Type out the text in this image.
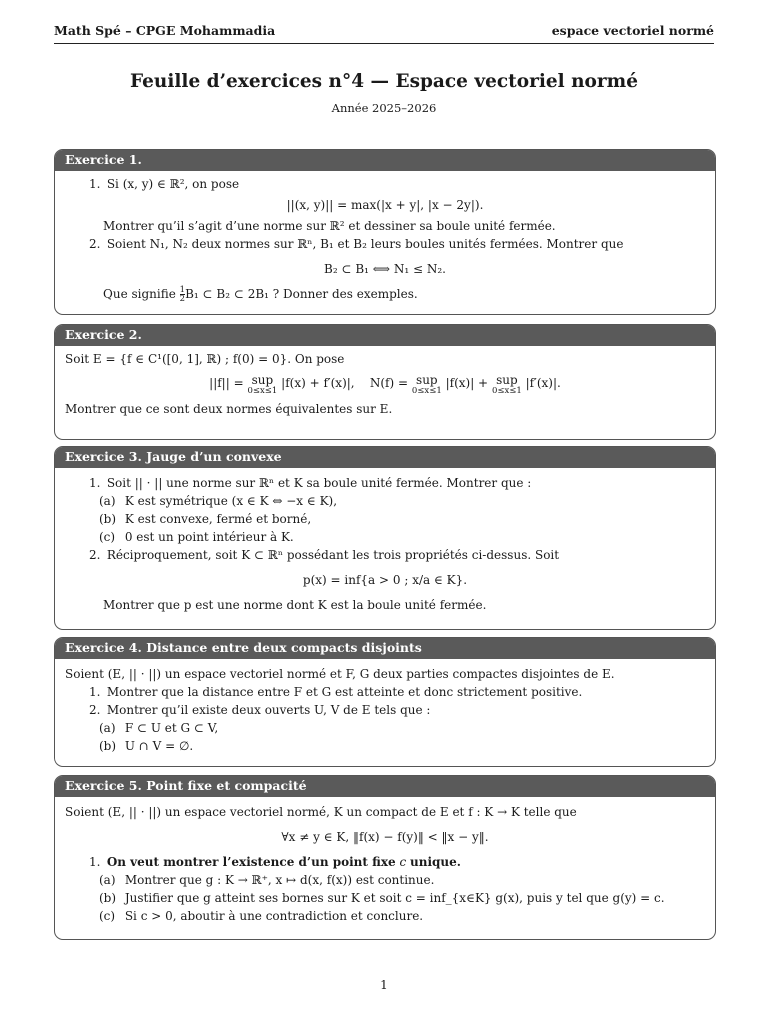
Math Spé – CPGE Mohammadia	espace vectoriel normé
Feuille d’exercices n°4 — Espace vectoriel normé
Année 2025–2026
Exercice 1.
1. Si (x, y) ∈ ℝ², on pose
||(x, y)|| = max(|x + y|, |x − 2y|).
Montrer qu’il s’agit d’une norme sur ℝ² et dessiner sa boule unité fermée.
2. Soient N₁, N₂ deux normes sur ℝⁿ, B₁ et B₂ leurs boules unités fermées. Montrer que
B₂ ⊂ B₁ ⟺ N₁ ≤ N₂.
Que signifie $\frac{1}{2} B_1$ ⊂ B₂ ⊂ 2B₁ ? Donner des exemples.
Exercice 2.
Soit E = {f ∈ C¹([0, 1], ℝ) ; f(0) = 0}. On pose
||f|| = sup
0≤x≤1
|f(x) + f′(x)|, N(f) = sup
0≤x≤1
|f(x)| + sup
0≤x≤1
|f′(x)|.
Montrer que ce sont deux normes équivalentes sur E.
Exercice 3. Jauge d’un convexe
1. Soit || · || une norme sur ℝⁿ et K sa boule unité fermée. Montrer que :
(a) K est symétrique (x ∈ K ⇔ −x ∈ K),
(b) K est convexe, fermé et borné,
(c) 0 est un point intérieur à K.
2. Réciproquement, soit K ⊂ ℝⁿ possédant les trois propriétés ci-dessus. Soit
p(x) = inf{a > 0 ; x/a ∈ K}.
Montrer que p est une norme dont K est la boule unité fermée.
Exercice 4. Distance entre deux compacts disjoints
Soient (E, || · ||) un espace vectoriel normé et F, G deux parties compactes disjointes de E.
1. Montrer que la distance entre F et G est atteinte et donc strictement positive.
2. Montrer qu’il existe deux ouverts U, V de E tels que :
(a) F ⊂ U et G ⊂ V,
(b) U ∩ V = ∅.
Exercice 5. Point fixe et compacité
Soient (E, || · ||) un espace vectoriel normé, K un compact de E et f : K → K telle que
∀x ≠ y ∈ K, ‖f(x) − f(y)‖ < ‖x − y‖.
1. On veut montrer l’existence d’un point fixe c unique.
(a) Montrer que g : K → ℝ⁺, x ↦ d(x, f(x)) est continue.
(b) Justifier que g atteint ses bornes sur K et soit c = inf_{x∈K} g(x), puis y tel que g(y) = c.
(c) Si c > 0, aboutir à une contradiction et conclure.
1
